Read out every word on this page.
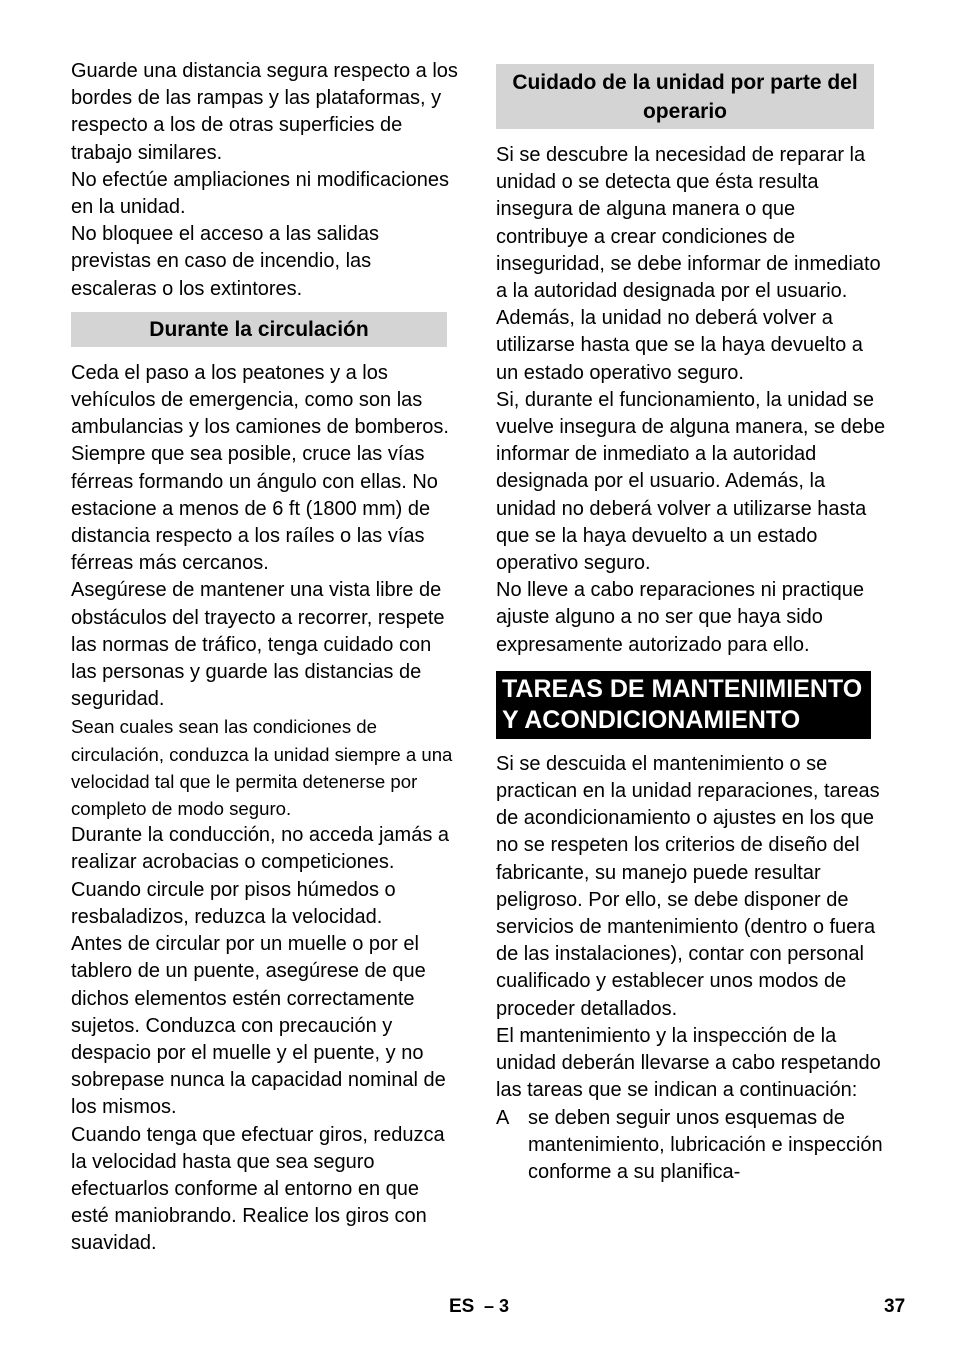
Guarde una distancia segura respecto a los bordes de las rampas y las plataformas, y respecto a los de otras superficies de trabajo similares.

No efectúe ampliaciones ni modificaciones en la unidad.

No bloquee el acceso a las salidas previstas en caso de incendio, las escaleras o los extintores.

Durante la circulación

Ceda el paso a los peatones y a los vehículos de emergencia, como son las ambulancias y los camiones de bomberos.

Siempre que sea posible, cruce las vías férreas formando un ángulo con ellas. No estacione a menos de 6 ft (1800 mm) de distancia respecto a los raíles o las vías férreas más cercanos.

Asegúrese de mantener una vista libre de obstáculos del trayecto a recorrer, respete las normas de tráfico, tenga cuidado con las personas y guarde las distancias de seguridad.

Sean cuales sean las condiciones de circulación, conduzca la unidad siempre a una velocidad tal que le permita detenerse por completo de modo seguro.

Durante la conducción, no acceda jamás a realizar acrobacias o competiciones.

Cuando circule por pisos húmedos o resbaladizos, reduzca la velocidad.

Antes de circular por un muelle o por el tablero de un puente, asegúrese de que dichos elementos estén correctamente sujetos. Conduzca con precaución y despacio por el muelle y el puente, y no sobrepase nunca la capacidad nominal de los mismos.

Cuando tenga que efectuar giros, reduzca la velocidad hasta que sea seguro efectuarlos conforme al entorno en que esté maniobrando. Realice los giros con suavidad.

Cuidado de la unidad por parte del operario

Si se descubre la necesidad de reparar la unidad o se detecta que ésta resulta insegura de alguna manera o que contribuye a crear condiciones de inseguridad, se debe informar de inmediato a la autoridad designada por el usuario. Además, la unidad no deberá volver a utilizarse hasta que se la haya devuelto a un estado operativo seguro.

Si, durante el funcionamiento, la unidad se vuelve insegura de alguna manera, se debe informar de inmediato a la autoridad designada por el usuario. Además, la unidad no deberá volver a utilizarse hasta que se la haya devuelto a un estado operativo seguro.

No lleve a cabo reparaciones ni practique ajuste alguno a no ser que haya sido expresamente autorizado para ello.

TAREAS DE MANTENIMIENTO Y ACONDICIONAMIENTO

Si se descuida el mantenimiento o se practican en la unidad reparaciones, tareas de acondicionamiento o ajustes en los que no se respeten los criterios de diseño del fabricante, su manejo puede resultar peligroso. Por ello, se debe disponer de servicios de mantenimiento (dentro o fuera de las instalaciones), contar con personal cualificado y establecer unos modos de proceder detallados.

El mantenimiento y la inspección de la unidad deberán llevarse a cabo respetando las tareas que se indican a continuación:

A se deben seguir unos esquemas de mantenimiento, lubricación e inspección conforme a su planifica-

ES – 3	37
